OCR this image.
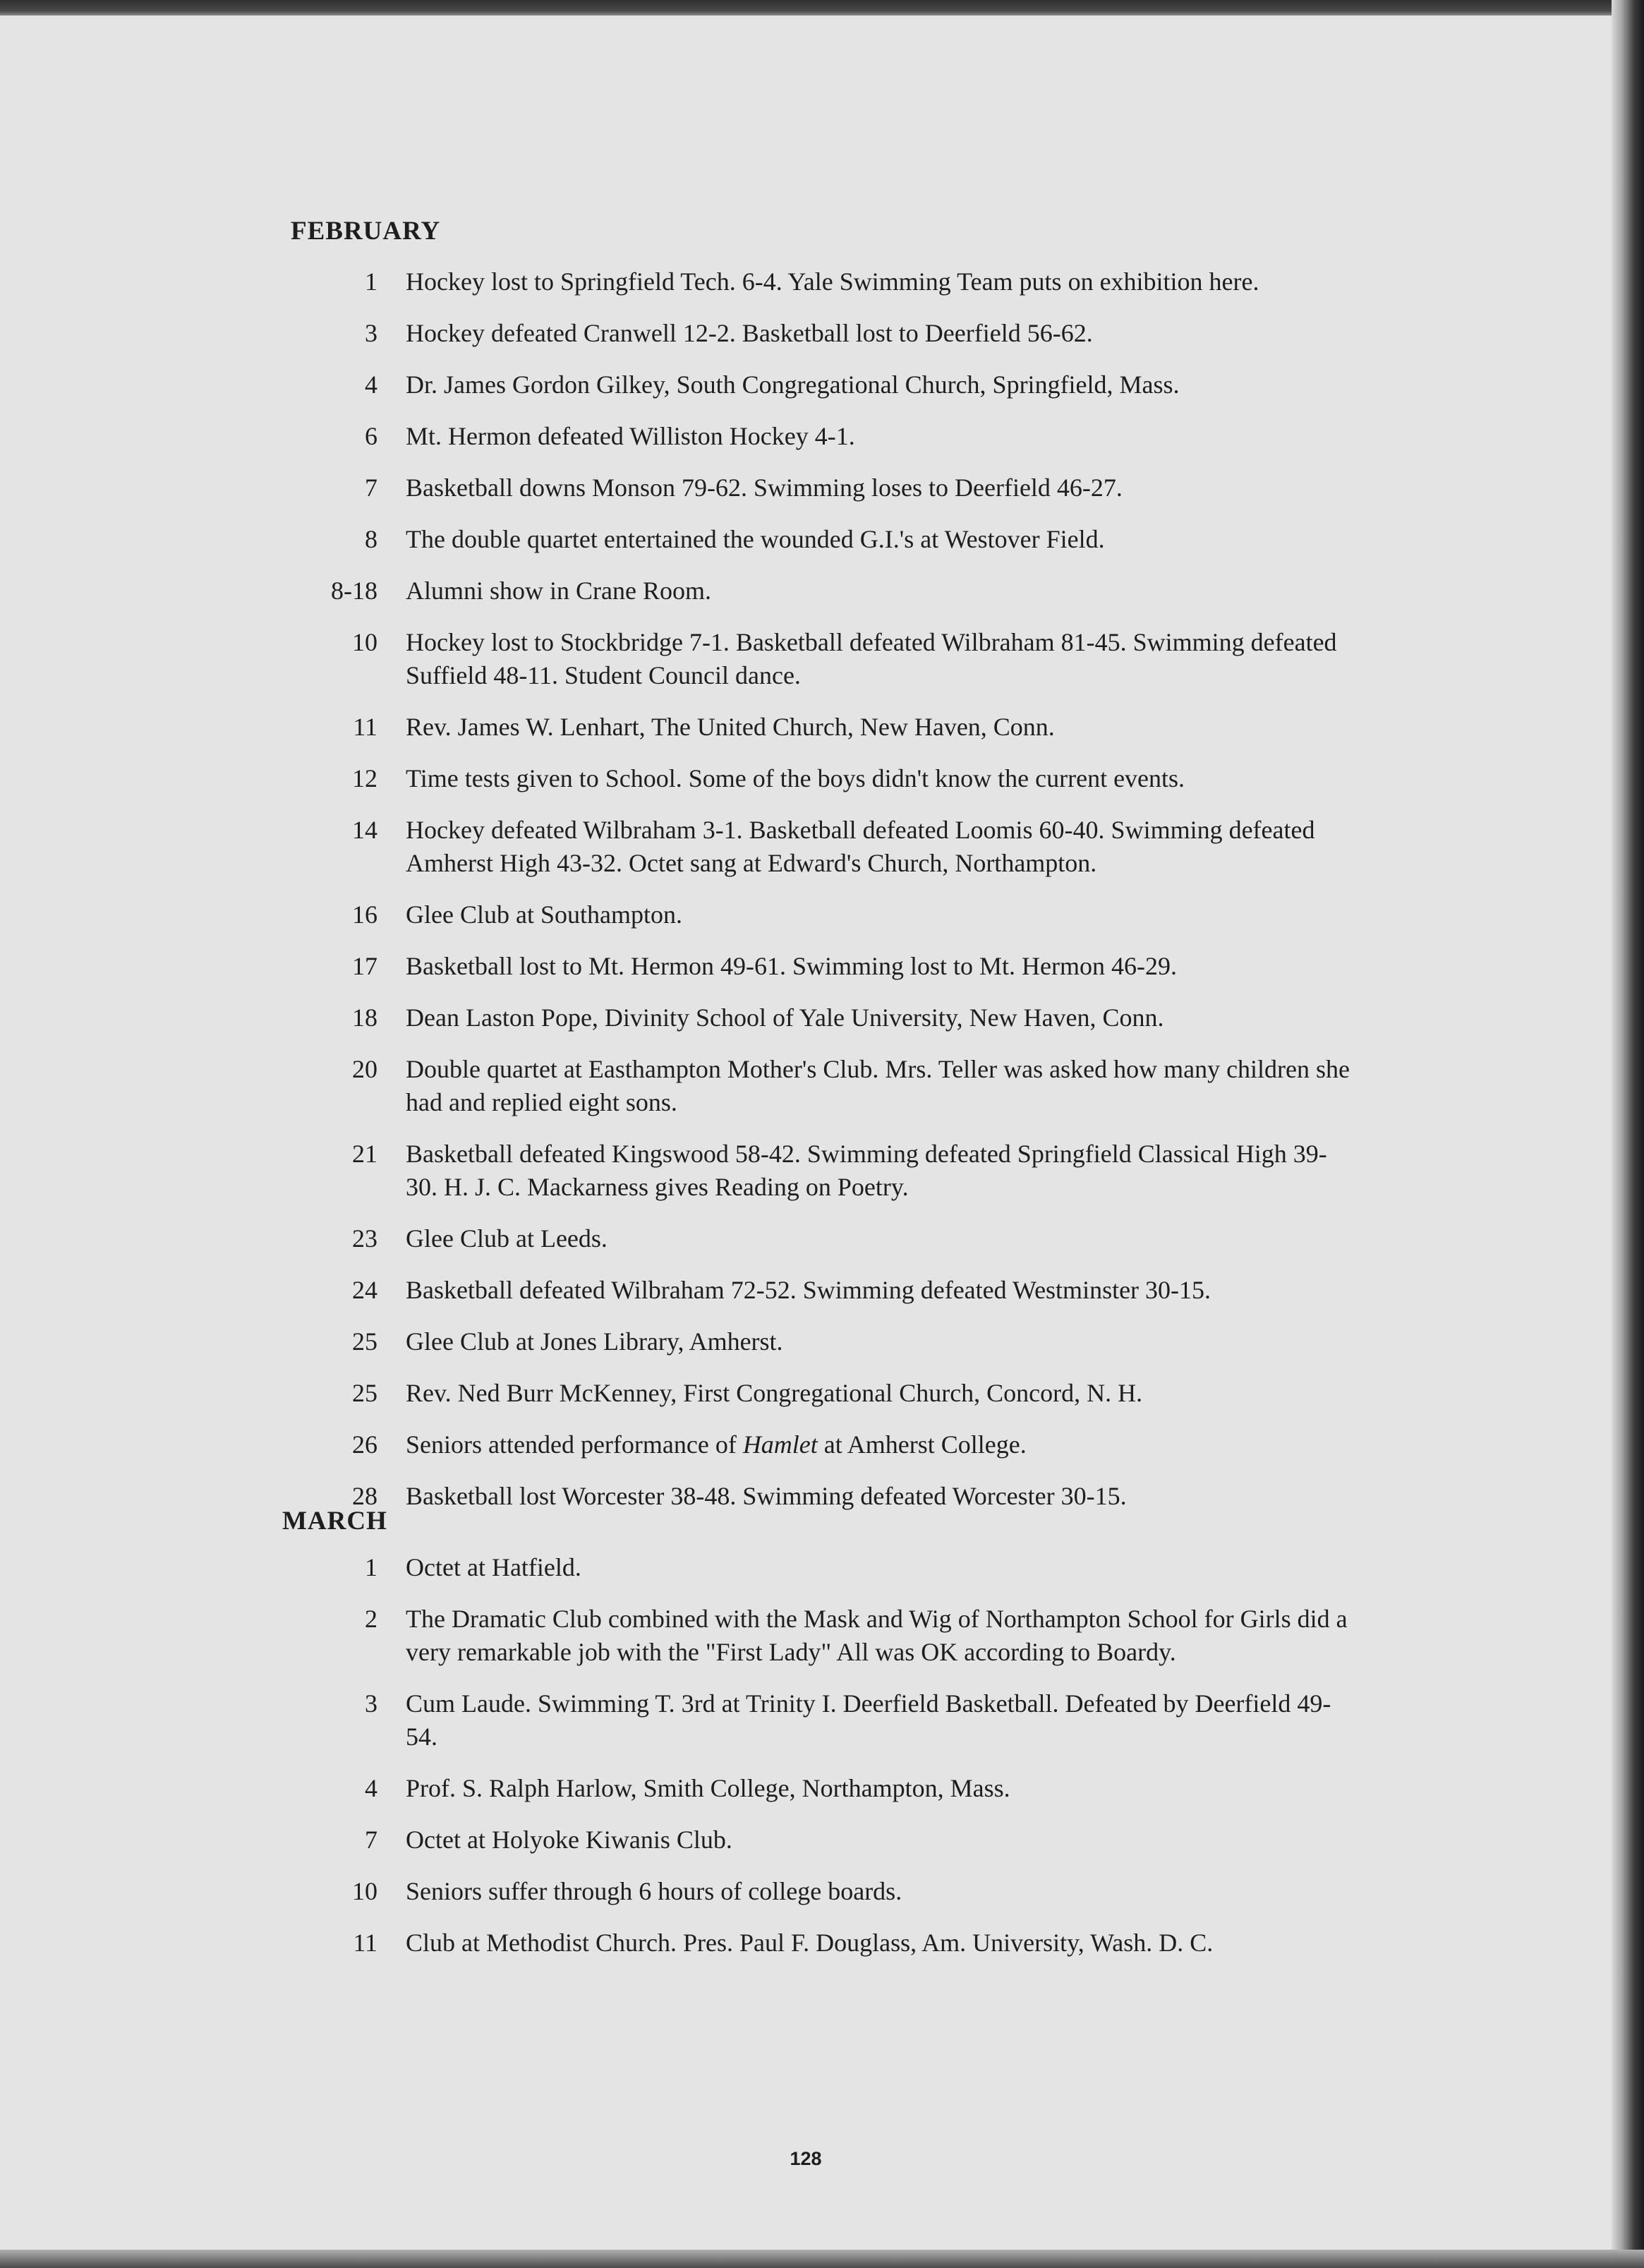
FEBRUARY

1 Hockey lost to Springfield Tech. 6-4. Yale Swimming Team puts on exhibition here.

3 Hockey defeated Cranwell 12-2. Basketball lost to Deerfield 56-62.

4 Dr. James Gordon Gilkey, South Congregational Church, Springfield, Mass.

6 Mt. Hermon defeated Williston Hockey 4-1.

7 Basketball downs Monson 79-62. Swimming loses to Deerfield 46-27.

8 The double quartet entertained the wounded G.I.'s at Westover Field.

8-18 Alumni show in Crane Room.

10 Hockey lost to Stockbridge 7-1. Basketball defeated Wilbraham 81-45. Swimming defeated Suffield 48-11. Student Council dance.

11 Rev. James W. Lenhart, The United Church, New Haven, Conn.

12 Time tests given to School. Some of the boys didn't know the current events.

14 Hockey defeated Wilbraham 3-1. Basketball defeated Loomis 60-40. Swimming defeated Amherst High 43-32. Octet sang at Edward's Church, Northampton.

16 Glee Club at Southampton.

17 Basketball lost to Mt. Hermon 49-61. Swimming lost to Mt. Hermon 46-29.

18 Dean Laston Pope, Divinity School of Yale University, New Haven, Conn.

20 Double quartet at Easthampton Mother's Club. Mrs. Teller was asked how many children she had and replied eight sons.

21 Basketball defeated Kingswood 58-42. Swimming defeated Springfield Classical High 39-30. H. J. C. Mackarness gives Reading on Poetry.

23 Glee Club at Leeds.

24 Basketball defeated Wilbraham 72-52. Swimming defeated Westminster 30-15.

25 Glee Club at Jones Library, Amherst.

25 Rev. Ned Burr McKenney, First Congregational Church, Concord, N. H.

26 Seniors attended performance of Hamlet at Amherst College.

28 Basketball lost Worcester 38-48. Swimming defeated Worcester 30-15.

MARCH

1 Octet at Hatfield.

2 The Dramatic Club combined with the Mask and Wig of Northampton School for Girls did a very remarkable job with the "First Lady" All was OK according to Boardy.

3 Cum Laude. Swimming T. 3rd at Trinity I. Deerfield Basketball. Defeated by Deerfield 49-54.

4 Prof. S. Ralph Harlow, Smith College, Northampton, Mass.

7 Octet at Holyoke Kiwanis Club.

10 Seniors suffer through 6 hours of college boards.

11 Club at Methodist Church. Pres. Paul F. Douglass, Am. University, Wash. D. C.

128
